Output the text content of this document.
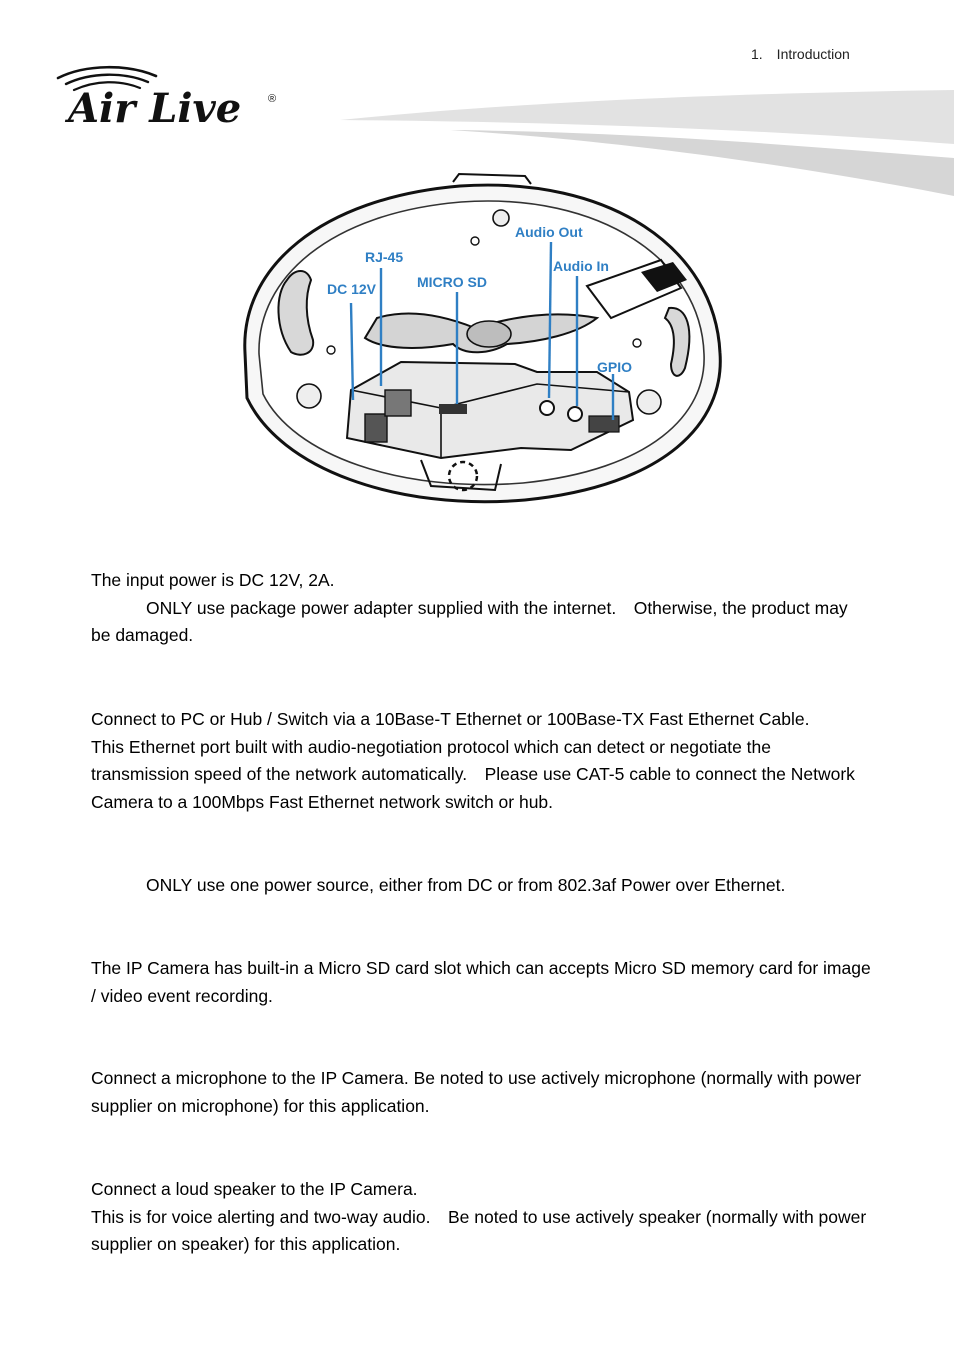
1. Introduction
Air Live ®
DC 12V
RJ-45
MICRO SD
Audio Out
Audio In
GPIO

The input power is DC 12V, 2A.
ONLY use package power adapter supplied with the internet. Otherwise, the product may be damaged.

Connect to PC or Hub / Switch via a 10Base-T Ethernet or 100Base-TX Fast Ethernet Cable.
This Ethernet port built with audio-negotiation protocol which can detect or negotiate the transmission speed of the network automatically. Please use CAT-5 cable to connect the Network Camera to a 100Mbps Fast Ethernet network switch or hub.

ONLY use one power source, either from DC or from 802.3af Power over Ethernet.

The IP Camera has built-in a Micro SD card slot which can accepts Micro SD memory card for image / video event recording.

Connect a microphone to the IP Camera. Be noted to use actively microphone (normally with power supplier on microphone) for this application.

Connect a loud speaker to the IP Camera.
This is for voice alerting and two-way audio. Be noted to use actively speaker (normally with power supplier on speaker) for this application.
